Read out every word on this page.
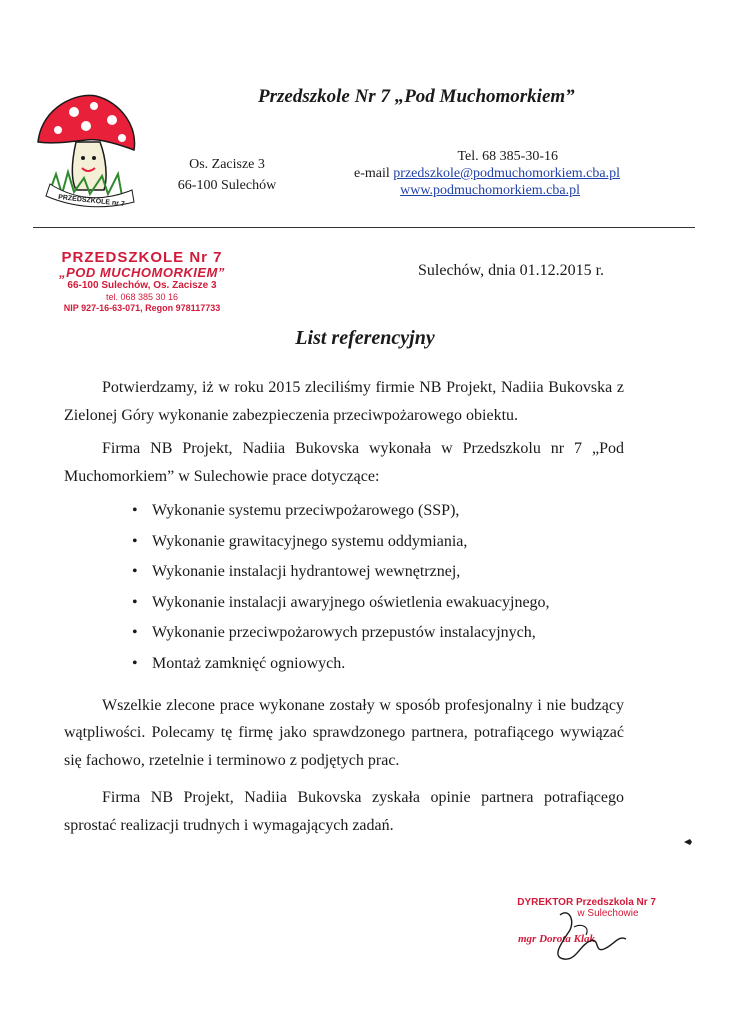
Przedszkole Nr 7 „Pod Muchomorkiem”
PRZEDSZKOLE nr 7
Os. Zacisze 3
66-100 Sulechów
Tel. 68 385-30-16
e-mail przedszkole@podmuchomorkiem.cba.pl
www.podmuchomorkiem.cba.pl
PRZEDSZKOLE Nr 7
„POD MUCHOMORKIEM”
66-100 Sulechów, Os. Zacisze 3
tel. 068 385 30 16
NIP 927-16-63-071, Regon 978117733
Sulechów, dnia 01.12.2015 r.
List referencyjny

Potwierdzamy, iż w roku 2015 zleciliśmy firmie NB Projekt, Nadiia Bukovska z Zielonej Góry wykonanie zabezpieczenia przeciwpożarowego obiektu.

Firma NB Projekt, Nadiia Bukovska wykonała w Przedszkolu nr 7 „Pod Muchomorkiem” w Sulechowie prace dotyczące:

• Wykonanie systemu przeciwpożarowego (SSP),
• Wykonanie grawitacyjnego systemu oddymiania,
• Wykonanie instalacji hydrantowej wewnętrznej,
• Wykonanie instalacji awaryjnego oświetlenia ewakuacyjnego,
• Wykonanie przeciwpożarowych przepustów instalacyjnych,
• Montaż zamknięć ogniowych.

Wszelkie zlecone prace wykonane zostały w sposób profesjonalny i nie budzący wątpliwości. Polecamy tę firmę jako sprawdzonego partnera, potrafiącego wywiązać się fachowo, rzetelnie i terminowo z podjętych prac.

Firma NB Projekt, Nadiia Bukovska zyskała opinie partnera potrafiącego sprostać realizacji trudnych i wymagających zadań.

DYREKTOR Przedszkola Nr 7
w Sulechowie
mgr Dorota Klak
